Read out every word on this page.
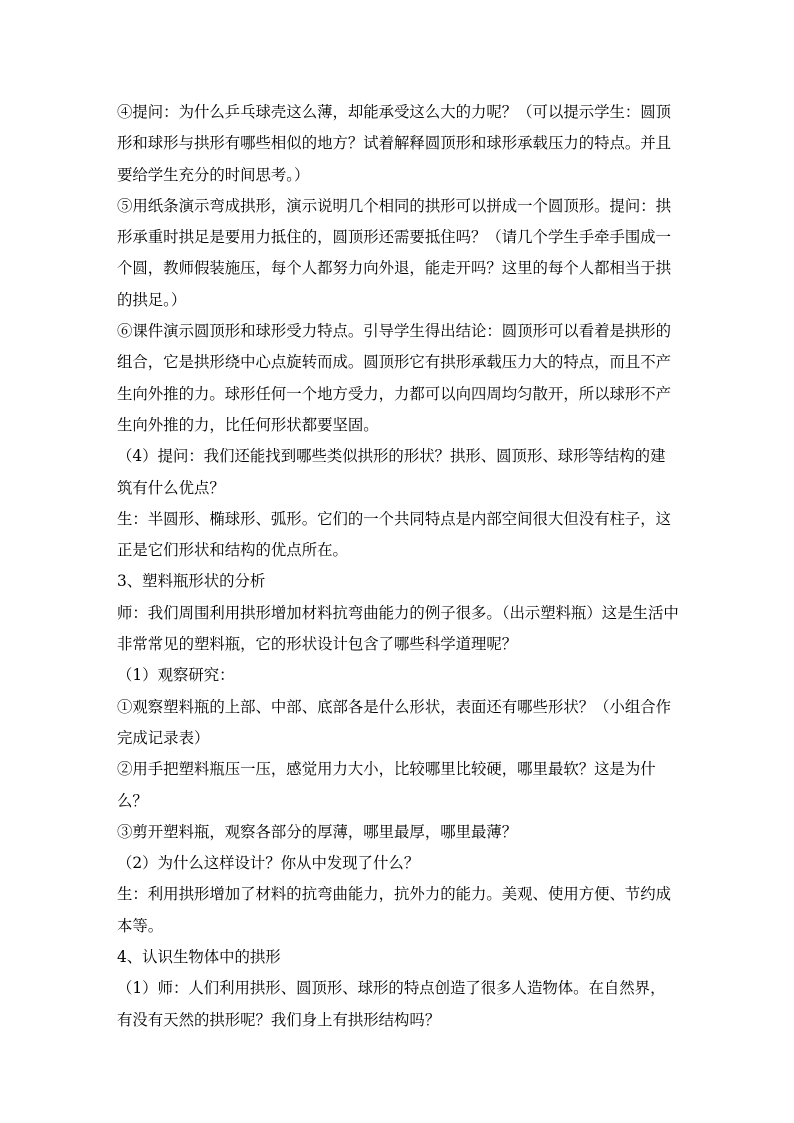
④提问：为什么乒乓球壳这么薄，却能承受这么大的力呢？（可以提示学生：圆顶形和球形与拱形有哪些相似的地方？试着解释圆顶形和球形承载压力的特点。并且要给学生充分的时间思考。）

⑤用纸条演示弯成拱形，演示说明几个相同的拱形可以拼成一个圆顶形。提问：拱形承重时拱足是要用力抵住的，圆顶形还需要抵住吗？（请几个学生手牵手围成一个圆，教师假装施压，每个人都努力向外退，能走开吗？这里的每个人都相当于拱的拱足。）

⑥课件演示圆顶形和球形受力特点。引导学生得出结论：圆顶形可以看着是拱形的组合，它是拱形绕中心点旋转而成。圆顶形它有拱形承载压力大的特点，而且不产生向外推的力。球形任何一个地方受力，力都可以向四周均匀散开，所以球形不产生向外推的力，比任何形状都要坚固。

（4）提问：我们还能找到哪些类似拱形的形状？拱形、圆顶形、球形等结构的建筑有什么优点？

生：半圆形、椭球形、弧形。它们的一个共同特点是内部空间很大但没有柱子，这正是它们形状和结构的优点所在。

3、塑料瓶形状的分析

师：我们周围利用拱形增加材料抗弯曲能力的例子很多。（出示塑料瓶）这是生活中非常常见的塑料瓶，它的形状设计包含了哪些科学道理呢？

（1）观察研究：

①观察塑料瓶的上部、中部、底部各是什么形状，表面还有哪些形状？（小组合作完成记录表）

②用手把塑料瓶压一压，感觉用力大小，比较哪里比较硬，哪里最软？这是为什么？

③剪开塑料瓶，观察各部分的厚薄，哪里最厚，哪里最薄？

（2）为什么这样设计？你从中发现了什么？

生：利用拱形增加了材料的抗弯曲能力，抗外力的能力。美观、使用方便、节约成本等。

4、认识生物体中的拱形

（1）师：人们利用拱形、圆顶形、球形的特点创造了很多人造物体。在自然界，有没有天然的拱形呢？我们身上有拱形结构吗？
